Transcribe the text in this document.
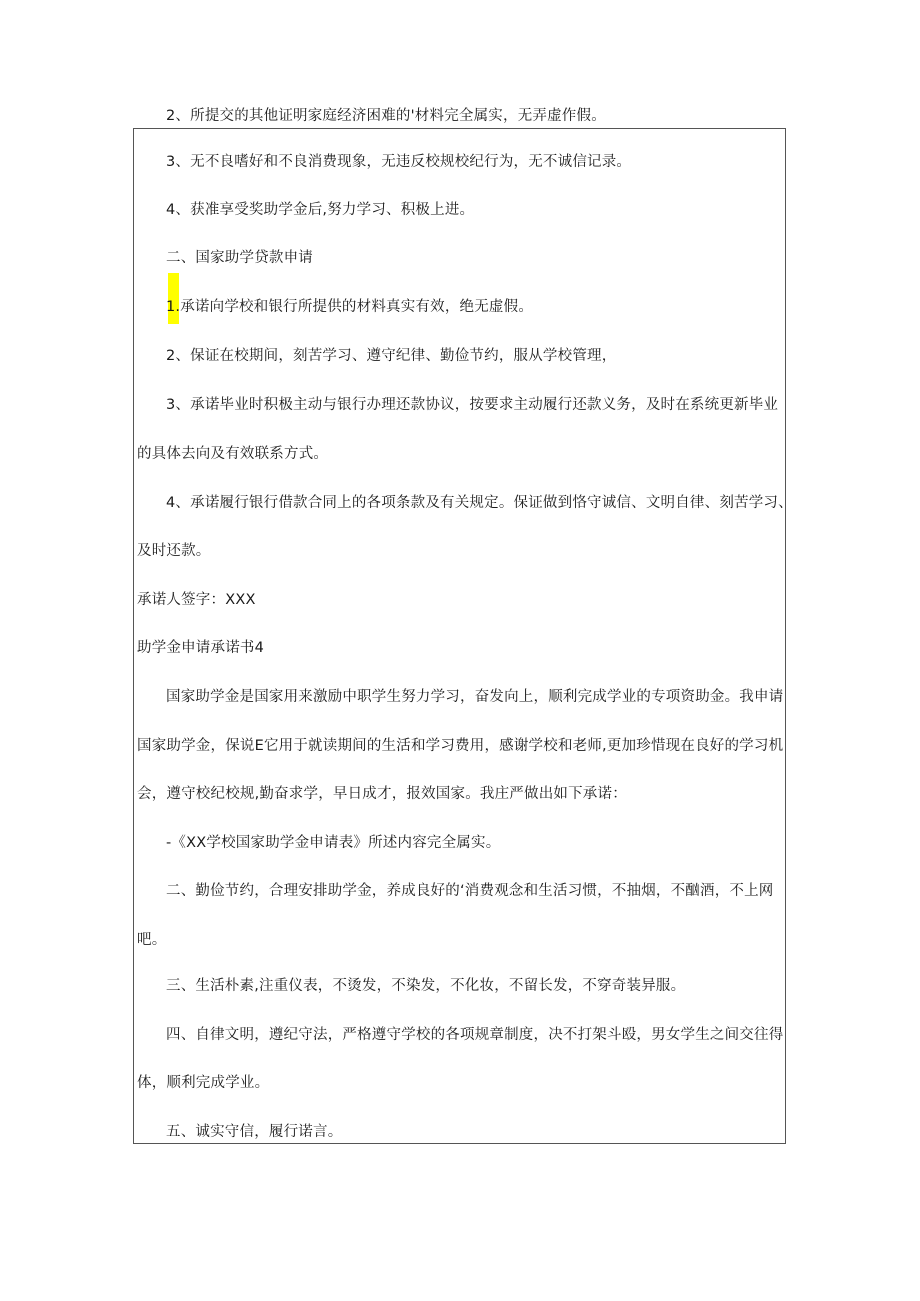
2、所提交的其他证明家庭经济困难的'材料完全属实，无弄虚作假。
3、无不良嗜好和不良消费现象，无违反校规校纪行为，无不诚信记录。
4、获准享受奖助学金后,努力学习、积极上进。
二、国家助学贷款申请
1.承诺向学校和银行所提供的材料真实有效，绝无虚假。
2、保证在校期间，刻苦学习、遵守纪律、勤俭节约，服从学校管理，
3、承诺毕业时积极主动与银行办理还款协议，按要求主动履行还款义务，及时在系统更新毕业
的具体去向及有效联系方式。
4、承诺履行银行借款合同上的各项条款及有关规定。保证做到恪守诚信、文明自律、刻苦学习、
及时还款。
承诺人签字：XXX
助学金申请承诺书4
国家助学金是国家用来激励中职学生努力学习，奋发向上，顺利完成学业的专项资助金。我申请
国家助学金，保说E它用于就读期间的生活和学习费用，感谢学校和老师,更加珍惜现在良好的学习机
会，遵守校纪校规,勤奋求学，早日成才，报效国家。我庄严做出如下承诺：
-《XX学校国家助学金申请表》所述内容完全属实。
二、勤俭节约，合理安排助学金，养成良好的‘消费观念和生活习惯，不抽烟，不酗酒，不上网
吧。
三、生活朴素,注重仪表，不烫发，不染发，不化妆，不留长发，不穿奇装异服。
四、自律文明，遵纪守法，严格遵守学校的各项规章制度，决不打架斗殴，男女学生之间交往得
体，顺利完成学业。
五、诚实守信，履行诺言。
